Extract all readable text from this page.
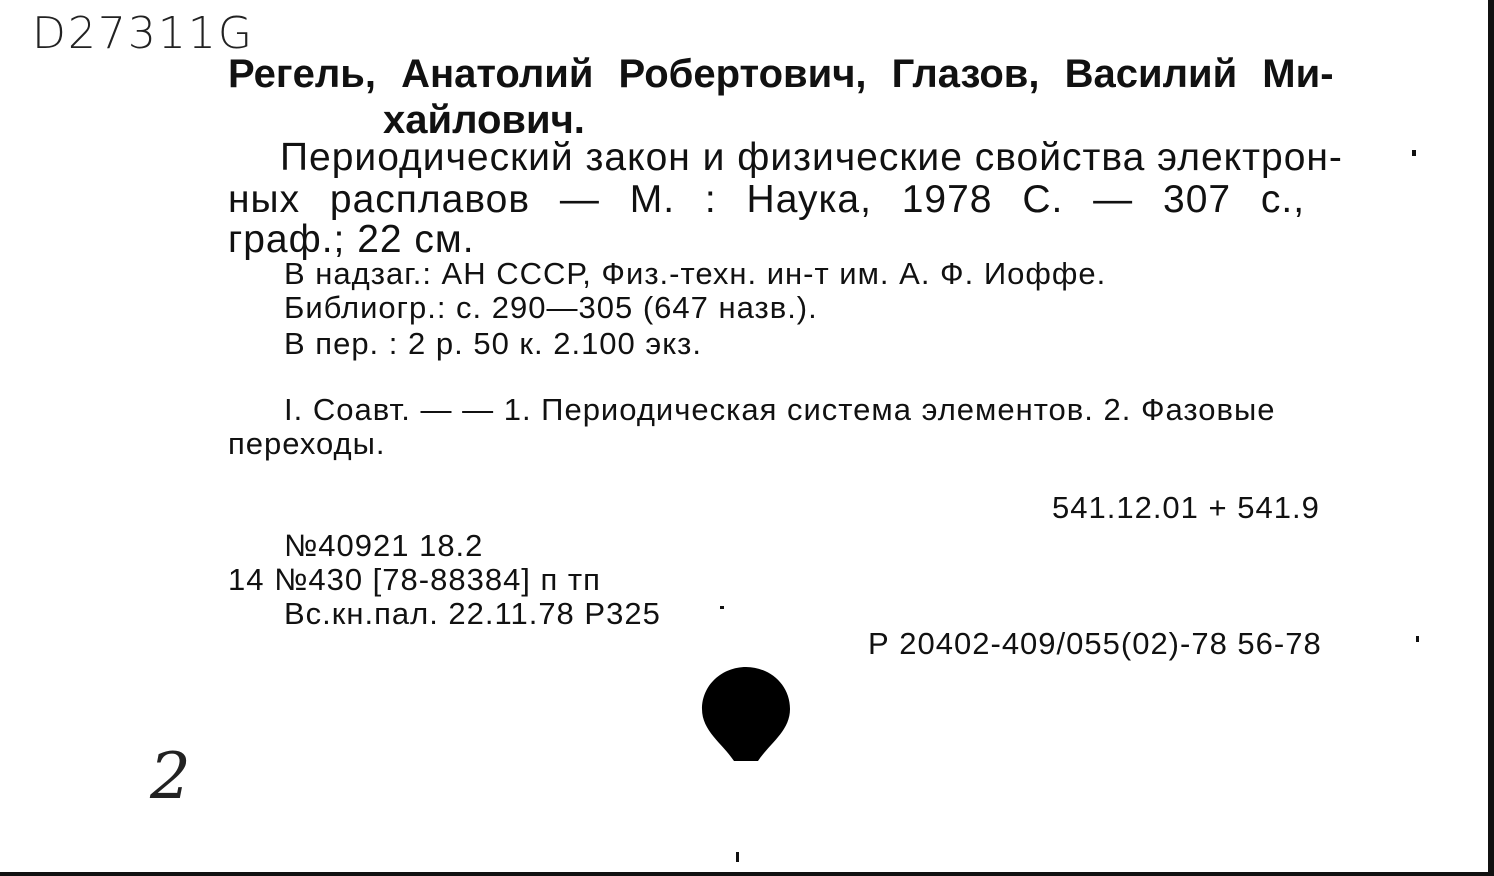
D27311G
Регель, Анатолий Робертович, Глазов, Василий Ми-
хайлович.
Периодический закон и физические свойства электрон-
ных расплавов — М. : Наука, 1978 С. — 307 с.,
граф.; 22 см.
В надзаг.: АН СССР, Физ.-техн. ин-т им. А. Ф. Иоффе.
Библиогр.: с. 290—305 (647 назв.).
В пер. : 2 р. 50 к. 2.100 экз.
I. Соавт. — — 1. Периодическая система элементов. 2. Фазовые
переходы.
541.12.01 + 541.9
№40921 18.2
14 №430 [78-88384] п тп
Вс.кн.пал. 22.11.78 Р325
Р 20402-409/055(02)-78 56-78
2
